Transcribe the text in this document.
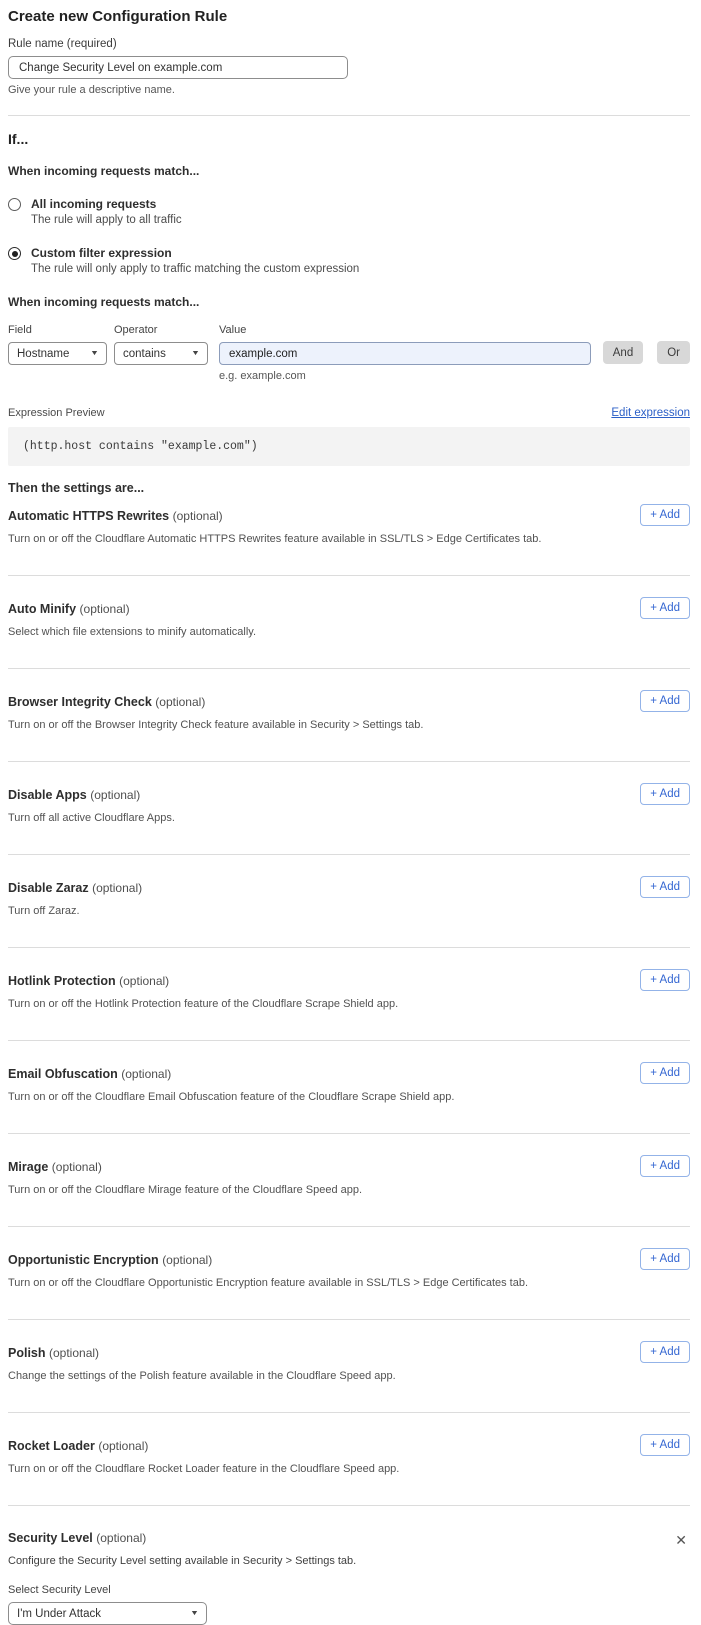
Create new Configuration Rule
Rule name (required)
Change Security Level on example.com
Give your rule a descriptive name.
If...
When incoming requests match...
All incoming requests
The rule will apply to all traffic
Custom filter expression
The rule will only apply to traffic matching the custom expression
When incoming requests match...
Field
Hostname	▼
Operator
contains	▼
Value
example.com
e.g. example.com
And	Or
Expression Preview	Edit expression
(http.host contains "example.com")
Then the settings are...
Automatic HTTPS Rewrites (optional)
Turn on or off the Cloudflare Automatic HTTPS Rewrites feature available in SSL/TLS > Edge Certificates tab.
+ Add
Auto Minify (optional)
Select which file extensions to minify automatically.
+ Add
Browser Integrity Check (optional)
Turn on or off the Browser Integrity Check feature available in Security > Settings tab.
+ Add
Disable Apps (optional)
Turn off all active Cloudflare Apps.
+ Add
Disable Zaraz (optional)
Turn off Zaraz.
+ Add
Hotlink Protection (optional)
Turn on or off the Hotlink Protection feature of the Cloudflare Scrape Shield app.
+ Add
Email Obfuscation (optional)
Turn on or off the Cloudflare Email Obfuscation feature of the Cloudflare Scrape Shield app.
+ Add
Mirage (optional)
Turn on or off the Cloudflare Mirage feature of the Cloudflare Speed app.
+ Add
Opportunistic Encryption (optional)
Turn on or off the Cloudflare Opportunistic Encryption feature available in SSL/TLS > Edge Certificates tab.
+ Add
Polish (optional)
Change the settings of the Polish feature available in the Cloudflare Speed app.
+ Add
Rocket Loader (optional)
Turn on or off the Cloudflare Rocket Loader feature in the Cloudflare Speed app.
+ Add
✕
Security Level (optional)
Configure the Security Level setting available in Security > Settings tab.
Select Security Level
I'm Under Attack	▼
